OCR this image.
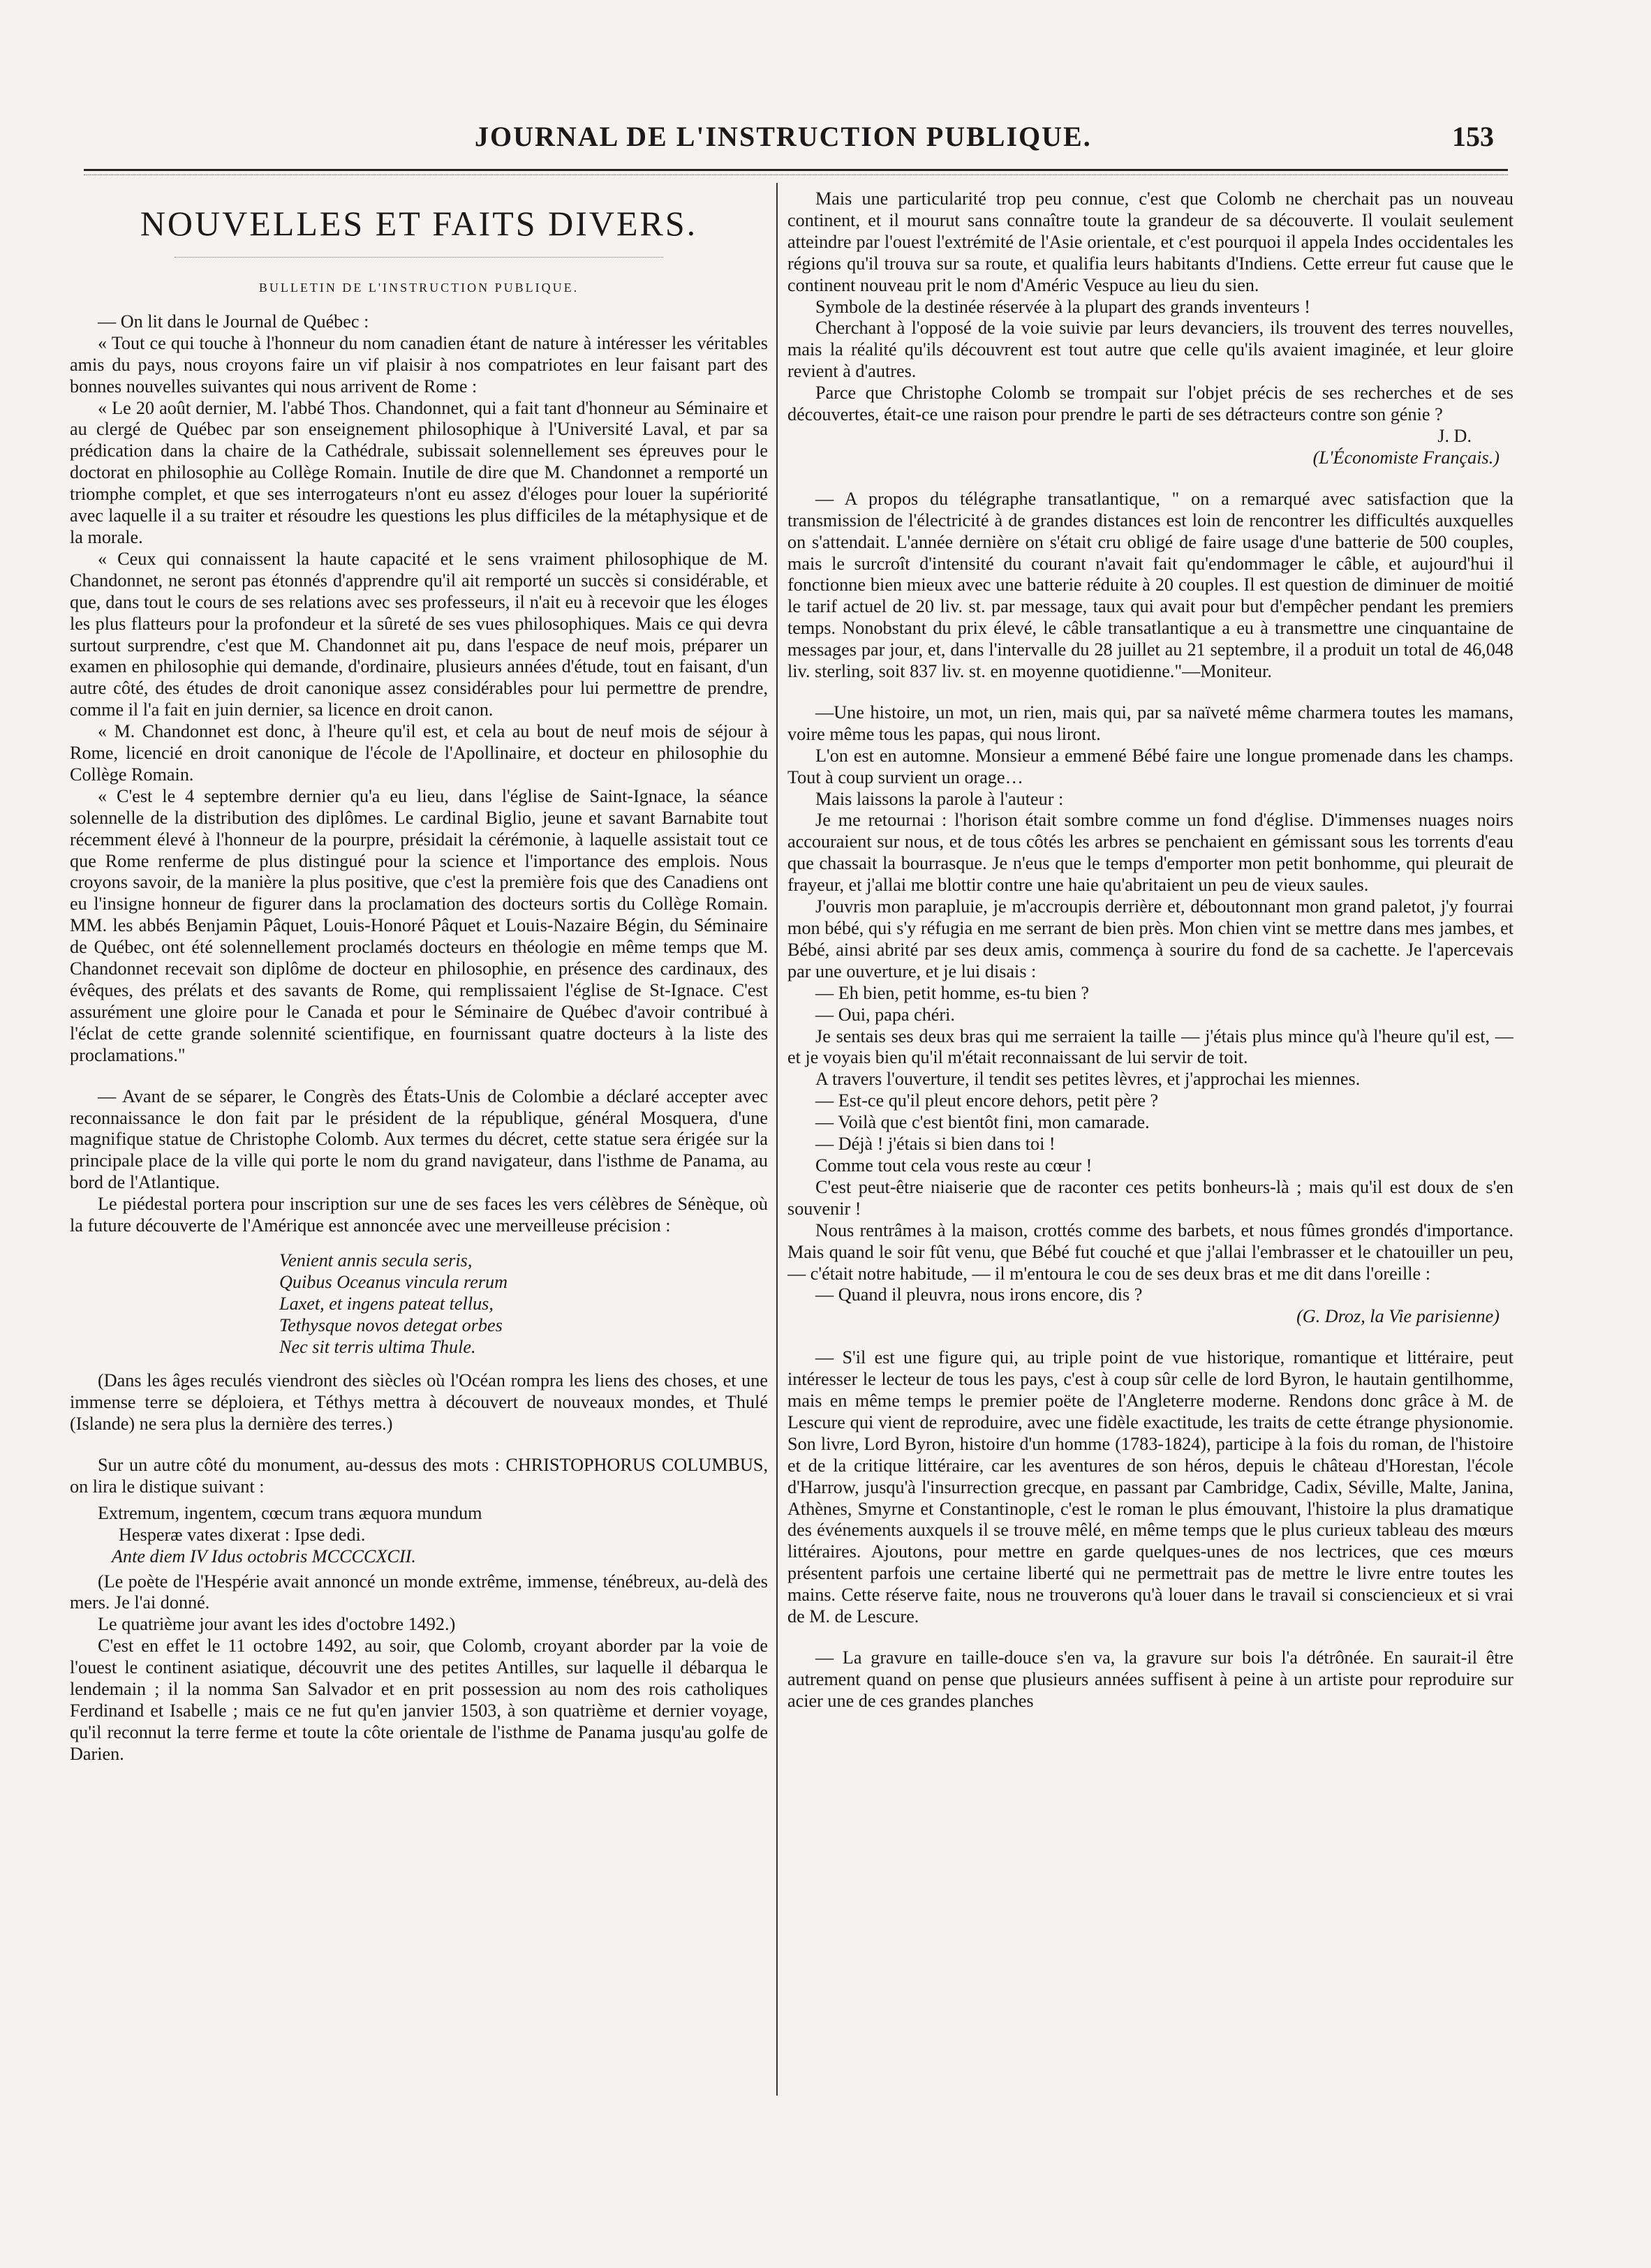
JOURNAL DE L'INSTRUCTION PUBLIQUE.	153
NOUVELLES ET FAITS DIVERS.
BULLETIN DE L'INSTRUCTION PUBLIQUE.

— On lit dans le Journal de Québec :

« Tout ce qui touche à l'honneur du nom canadien étant de nature à intéresser les véritables amis du pays, nous croyons faire un vif plaisir à nos compatriotes en leur faisant part des bonnes nouvelles suivantes qui nous arrivent de Rome :

« Le 20 août dernier, M. l'abbé Thos. Chandonnet, qui a fait tant d'honneur au Séminaire et au clergé de Québec par son enseignement philosophique à l'Université Laval, et par sa prédication dans la chaire de la Cathédrale, subissait solennellement ses épreuves pour le doctorat en philosophie au Collège Romain. Inutile de dire que M. Chandonnet a remporté un triomphe complet, et que ses interrogateurs n'ont eu assez d'éloges pour louer la supériorité avec laquelle il a su traiter et résoudre les questions les plus difficiles de la métaphysique et de la morale.

« Ceux qui connaissent la haute capacité et le sens vraiment philosophique de M. Chandonnet, ne seront pas étonnés d'apprendre qu'il ait remporté un succès si considérable, et que, dans tout le cours de ses relations avec ses professeurs, il n'ait eu à recevoir que les éloges les plus flatteurs pour la profondeur et la sûreté de ses vues philosophiques. Mais ce qui devra surtout surprendre, c'est que M. Chandonnet ait pu, dans l'espace de neuf mois, préparer un examen en philosophie qui demande, d'ordinaire, plusieurs années d'étude, tout en faisant, d'un autre côté, des études de droit canonique assez considérables pour lui permettre de prendre, comme il l'a fait en juin dernier, sa licence en droit canon.

« M. Chandonnet est donc, à l'heure qu'il est, et cela au bout de neuf mois de séjour à Rome, licencié en droit canonique de l'école de l'Apollinaire, et docteur en philosophie du Collège Romain.

« C'est le 4 septembre dernier qu'a eu lieu, dans l'église de Saint-Ignace, la séance solennelle de la distribution des diplômes. Le cardinal Biglio, jeune et savant Barnabite tout récemment élevé à l'honneur de la pourpre, présidait la cérémonie, à laquelle assistait tout ce que Rome renferme de plus distingué pour la science et l'importance des emplois. Nous croyons savoir, de la manière la plus positive, que c'est la première fois que des Canadiens ont eu l'insigne honneur de figurer dans la proclamation des docteurs sortis du Collège Romain. MM. les abbés Benjamin Pâquet, Louis-Honoré Pâquet et Louis-Nazaire Bégin, du Séminaire de Québec, ont été solennellement proclamés docteurs en théologie en même temps que M. Chandonnet recevait son diplôme de docteur en philosophie, en présence des cardinaux, des évêques, des prélats et des savants de Rome, qui remplissaient l'église de St-Ignace. C'est assurément une gloire pour le Canada et pour le Séminaire de Québec d'avoir contribué à l'éclat de cette grande solennité scientifique, en fournissant quatre docteurs à la liste des proclamations."

— Avant de se séparer, le Congrès des États-Unis de Colombie a déclaré accepter avec reconnaissance le don fait par le président de la république, général Mosquera, d'une magnifique statue de Christophe Colomb. Aux termes du décret, cette statue sera érigée sur la principale place de la ville qui porte le nom du grand navigateur, dans l'isthme de Panama, au bord de l'Atlantique.

Le piédestal portera pour inscription sur une de ses faces les vers célèbres de Sénèque, où la future découverte de l'Amérique est annoncée avec une merveilleuse précision :

Venient annis secula seris,
Quibus Oceanus vincula rerum
Laxet, et ingens pateat tellus,
Tethysque novos detegat orbes
Nec sit terris ultima Thule.

(Dans les âges reculés viendront des siècles où l'Océan rompra les liens des choses, et une immense terre se déploiera, et Téthys mettra à découvert de nouveaux mondes, et Thulé (Islande) ne sera plus la dernière des terres.)

Sur un autre côté du monument, au-dessus des mots : CHRISTOPHORUS COLUMBUS, on lira le distique suivant :

Extremum, ingentem, cœcum trans æquora mundum
Hesperæ vates dixerat : Ipse dedi.
Ante diem IV Idus octobris MCCCCXCII.

(Le poète de l'Hespérie avait annoncé un monde extrême, immense, ténébreux, au-delà des mers. Je l'ai donné.

Le quatrième jour avant les ides d'octobre 1492.)

C'est en effet le 11 octobre 1492, au soir, que Colomb, croyant aborder par la voie de l'ouest le continent asiatique, découvrit une des petites Antilles, sur laquelle il débarqua le lendemain ; il la nomma San Salvador et en prit possession au nom des rois catholiques Ferdinand et Isabelle ; mais ce ne fut qu'en janvier 1503, à son quatrième et dernier voyage, qu'il reconnut la terre ferme et toute la côte orientale de l'isthme de Panama jusqu'au golfe de Darien.

Mais une particularité trop peu connue, c'est que Colomb ne cherchait pas un nouveau continent, et il mourut sans connaître toute la grandeur de sa découverte. Il voulait seulement atteindre par l'ouest l'extrémité de l'Asie orientale, et c'est pourquoi il appela Indes occidentales les régions qu'il trouva sur sa route, et qualifia leurs habitants d'Indiens. Cette erreur fut cause que le continent nouveau prit le nom d'Améric Vespuce au lieu du sien.

Symbole de la destinée réservée à la plupart des grands inventeurs !

Cherchant à l'opposé de la voie suivie par leurs devanciers, ils trouvent des terres nouvelles, mais la réalité qu'ils découvrent est tout autre que celle qu'ils avaient imaginée, et leur gloire revient à d'autres.

Parce que Christophe Colomb se trompait sur l'objet précis de ses recherches et de ses découvertes, était-ce une raison pour prendre le parti de ses détracteurs contre son génie ?

J. D.
(L'Économiste Français.)

— A propos du télégraphe transatlantique, " on a remarqué avec satisfaction que la transmission de l'électricité à de grandes distances est loin de rencontrer les difficultés auxquelles on s'attendait. L'année dernière on s'était cru obligé de faire usage d'une batterie de 500 couples, mais le surcroît d'intensité du courant n'avait fait qu'endommager le câble, et aujourd'hui il fonctionne bien mieux avec une batterie réduite à 20 couples. Il est question de diminuer de moitié le tarif actuel de 20 liv. st. par message, taux qui avait pour but d'empêcher pendant les premiers temps. Nonobstant du prix élevé, le câble transatlantique a eu à transmettre une cinquantaine de messages par jour, et, dans l'intervalle du 28 juillet au 21 septembre, il a produit un total de 46,048 liv. sterling, soit 837 liv. st. en moyenne quotidienne."—Moniteur.

—Une histoire, un mot, un rien, mais qui, par sa naïveté même charmera toutes les mamans, voire même tous les papas, qui nous liront.

L'on est en automne. Monsieur a emmené Bébé faire une longue promenade dans les champs. Tout à coup survient un orage…

Mais laissons la parole à l'auteur :

Je me retournai : l'horison était sombre comme un fond d'église. D'immenses nuages noirs accouraient sur nous, et de tous côtés les arbres se penchaient en gémissant sous les torrents d'eau que chassait la bourrasque. Je n'eus que le temps d'emporter mon petit bonhomme, qui pleurait de frayeur, et j'allai me blottir contre une haie qu'abritaient un peu de vieux saules.

J'ouvris mon parapluie, je m'accroupis derrière et, déboutonnant mon grand paletot, j'y fourrai mon bébé, qui s'y réfugia en me serrant de bien près. Mon chien vint se mettre dans mes jambes, et Bébé, ainsi abrité par ses deux amis, commença à sourire du fond de sa cachette. Je l'apercevais par une ouverture, et je lui disais :

— Eh bien, petit homme, es-tu bien ?

— Oui, papa chéri.

Je sentais ses deux bras qui me serraient la taille — j'étais plus mince qu'à l'heure qu'il est, — et je voyais bien qu'il m'était reconnaissant de lui servir de toit.

A travers l'ouverture, il tendit ses petites lèvres, et j'approchai les miennes.

— Est-ce qu'il pleut encore dehors, petit père ?

— Voilà que c'est bientôt fini, mon camarade.

— Déjà ! j'étais si bien dans toi !

Comme tout cela vous reste au cœur !

C'est peut-être niaiserie que de raconter ces petits bonheurs-là ; mais qu'il est doux de s'en souvenir !

Nous rentrâmes à la maison, crottés comme des barbets, et nous fûmes grondés d'importance. Mais quand le soir fût venu, que Bébé fut couché et que j'allai l'embrasser et le chatouiller un peu, — c'était notre habitude, — il m'entoura le cou de ses deux bras et me dit dans l'oreille :

— Quand il pleuvra, nous irons encore, dis ?

(G. Droz, la Vie parisienne)

— S'il est une figure qui, au triple point de vue historique, romantique et littéraire, peut intéresser le lecteur de tous les pays, c'est à coup sûr celle de lord Byron, le hautain gentilhomme, mais en même temps le premier poëte de l'Angleterre moderne. Rendons donc grâce à M. de Lescure qui vient de reproduire, avec une fidèle exactitude, les traits de cette étrange physionomie. Son livre, Lord Byron, histoire d'un homme (1783-1824), participe à la fois du roman, de l'histoire et de la critique littéraire, car les aventures de son héros, depuis le château d'Horestan, l'école d'Harrow, jusqu'à l'insurrection grecque, en passant par Cambridge, Cadix, Séville, Malte, Janina, Athènes, Smyrne et Constantinople, c'est le roman le plus émouvant, l'histoire la plus dramatique des événements auxquels il se trouve mêlé, en même temps que le plus curieux tableau des mœurs littéraires. Ajoutons, pour mettre en garde quelques-unes de nos lectrices, que ces mœurs présentent parfois une certaine liberté qui ne permettrait pas de mettre le livre entre toutes les mains. Cette réserve faite, nous ne trouverons qu'à louer dans le travail si consciencieux et si vrai de M. de Lescure.

— La gravure en taille-douce s'en va, la gravure sur bois l'a détrônée. En saurait-il être autrement quand on pense que plusieurs années suffisent à peine à un artiste pour reproduire sur acier une de ces grandes planches
